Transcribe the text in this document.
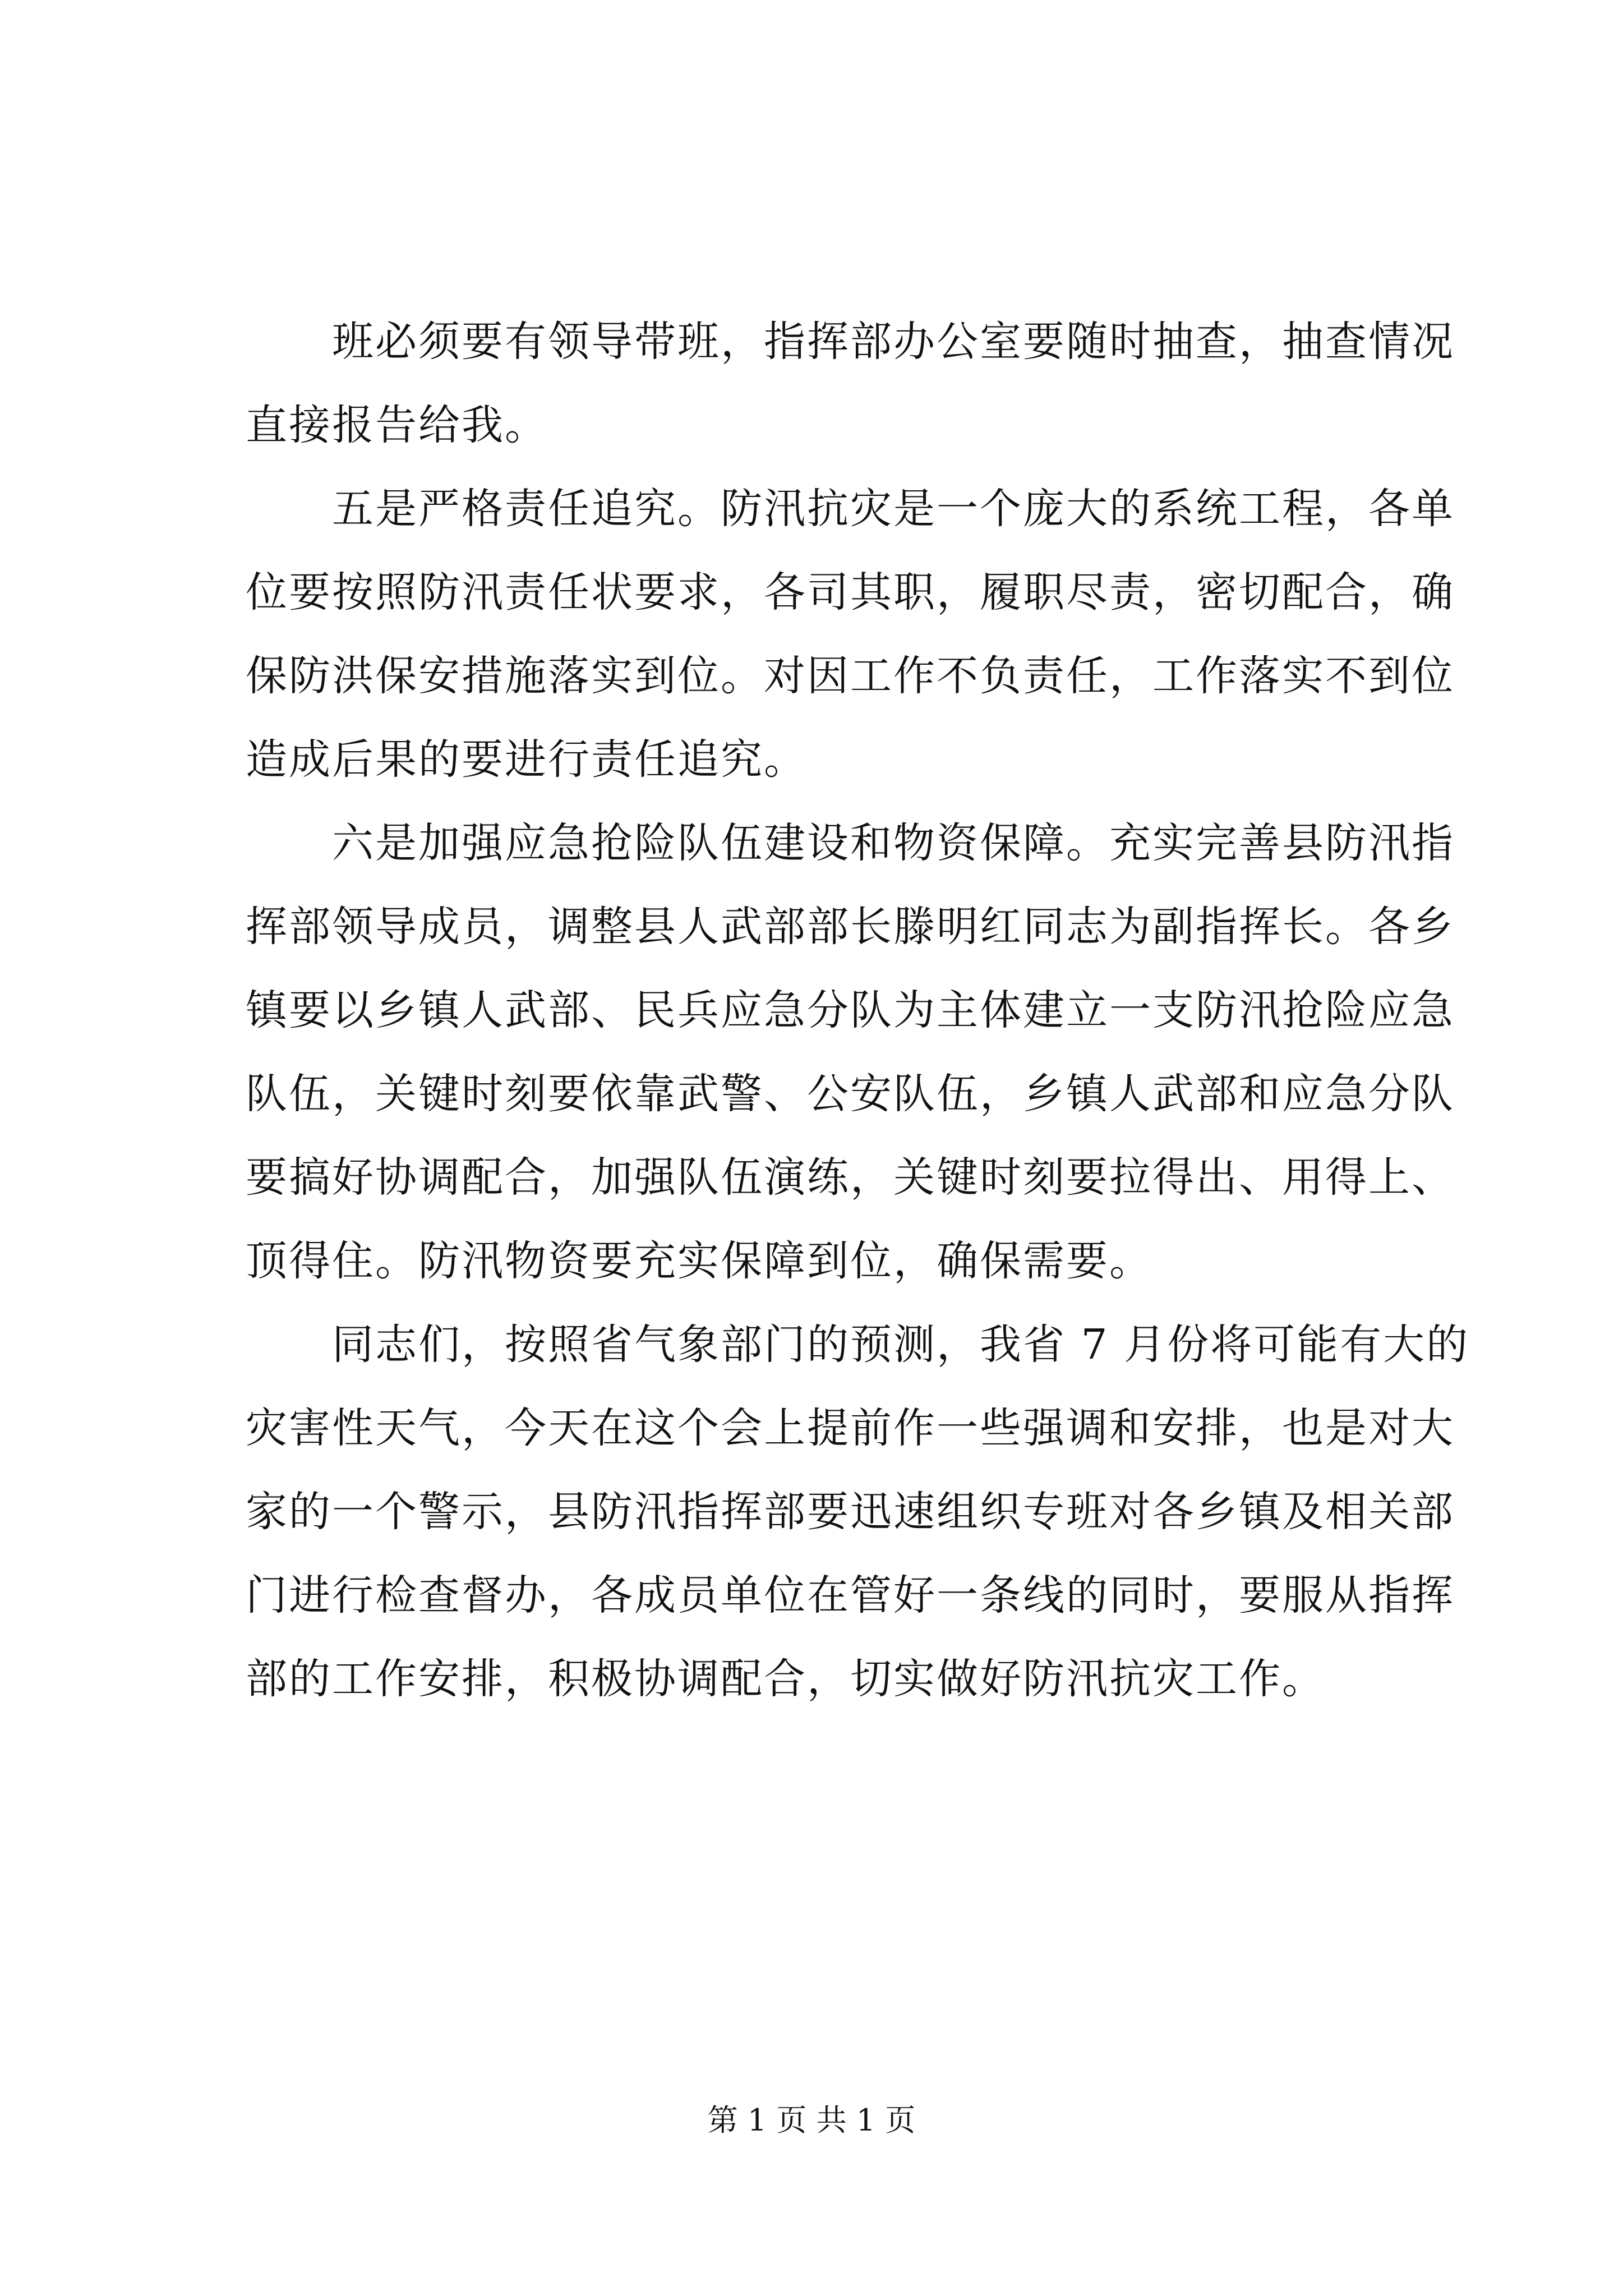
　　班必须要有领导带班，指挥部办公室要随时抽查，抽查情况
直接报告给我。
　　五是严格责任追究。防汛抗灾是一个庞大的系统工程，各单
位要按照防汛责任状要求，各司其职，履职尽责，密切配合，确
保防洪保安措施落实到位。对因工作不负责任，工作落实不到位
造成后果的要进行责任追究。
　　六是加强应急抢险队伍建设和物资保障。充实完善县防汛指
挥部领导成员，调整县人武部部长滕明红同志为副指挥长。各乡
镇要以乡镇人武部、民兵应急分队为主体建立一支防汛抢险应急
队伍，关键时刻要依靠武警、公安队伍，乡镇人武部和应急分队
要搞好协调配合，加强队伍演练，关键时刻要拉得出、用得上、
顶得住。防汛物资要充实保障到位，确保需要。
　　同志们，按照省气象部门的预测，我省 7 月份将可能有大的
灾害性天气，今天在这个会上提前作一些强调和安排，也是对大
家的一个警示，县防汛指挥部要迅速组织专班对各乡镇及相关部
门进行检查督办，各成员单位在管好一条线的同时，要服从指挥
部的工作安排，积极协调配合，切实做好防汛抗灾工作。
第 1 页 共 1 页
